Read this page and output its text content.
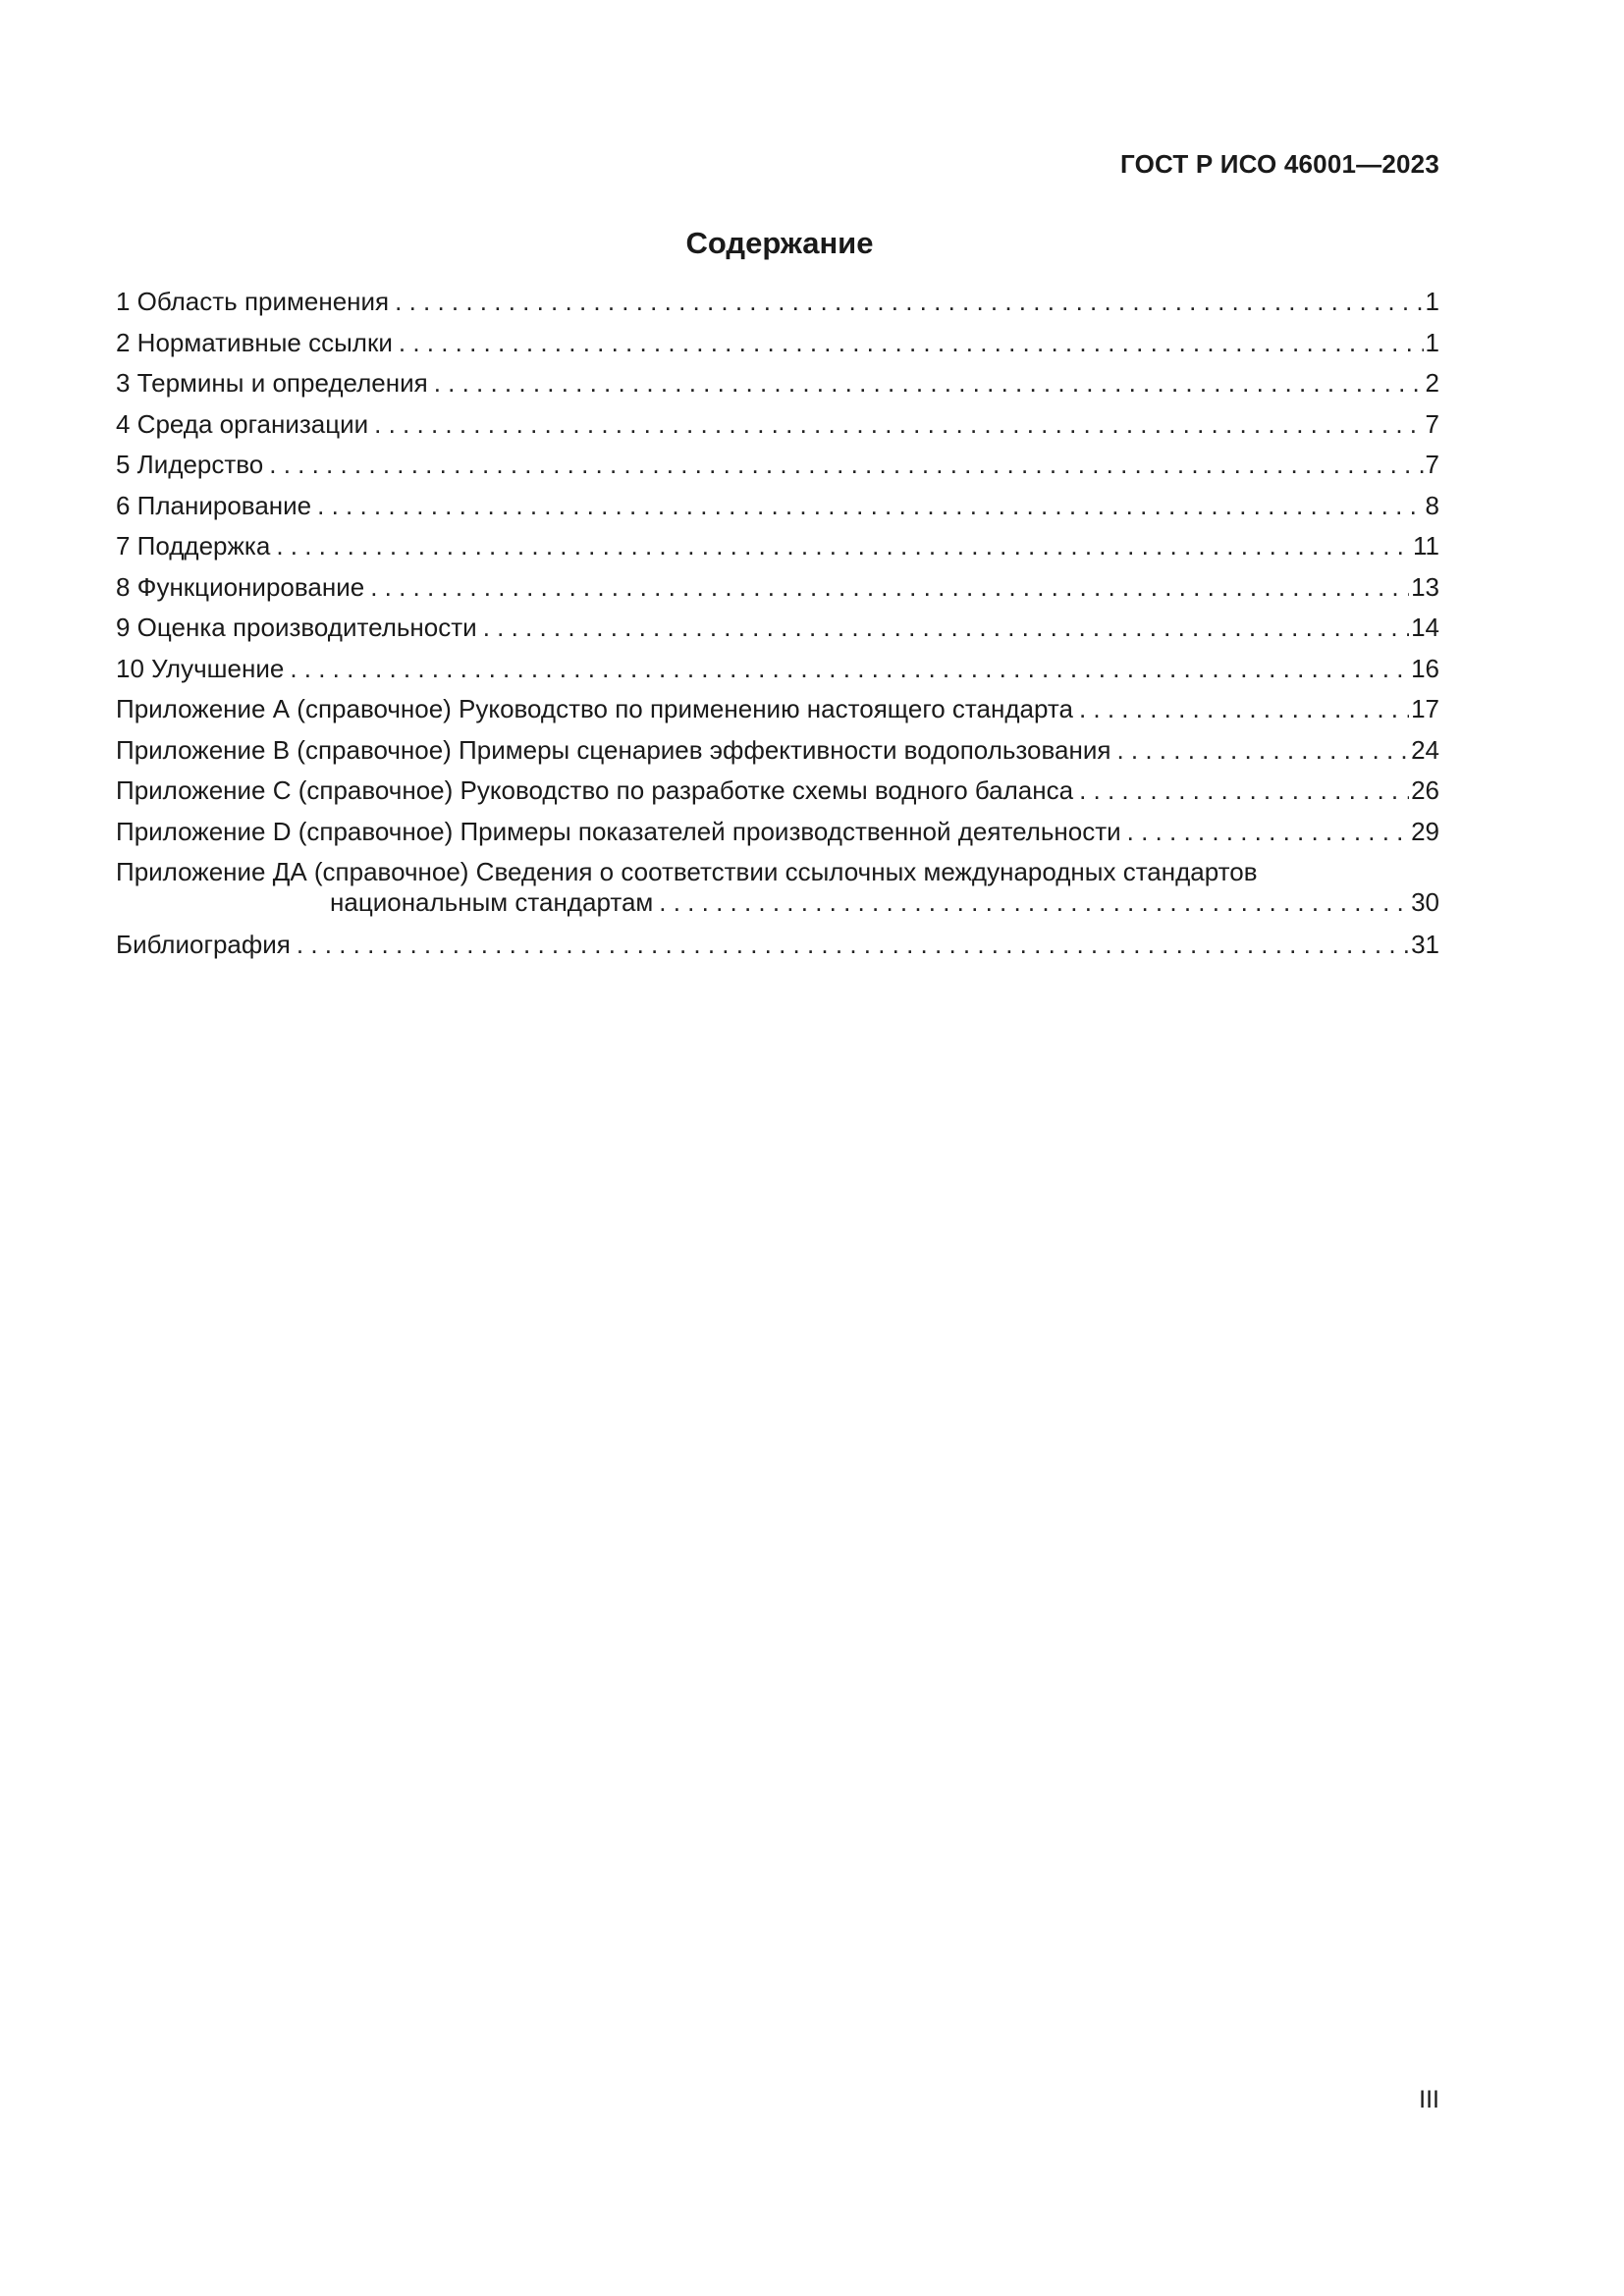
ГОСТ Р ИСО 46001—2023
Содержание
1 Область применения . . .	1
2 Нормативные ссылки . . .	1
3 Термины и определения . . .	2
4 Среда организации . . .	7
5 Лидерство . . .	7
6 Планирование . . .	8
7 Поддержка . . .	11
8 Функционирование . . .	13
9 Оценка производительности . . .	14
10 Улучшение . . .	16
Приложение А (справочное) Руководство по применению настоящего стандарта . . .	17
Приложение В (справочное) Примеры сценариев эффективности водопользования . . .	24
Приложение С (справочное) Руководство по разработке схемы водного баланса . . .	26
Приложение D (справочное) Примеры показателей производственной деятельности . . .	29
Приложение ДА (справочное) Сведения о соответствии ссылочных международных стандартов
национальным стандартам . . .	30
Библиография . . .	31
III
